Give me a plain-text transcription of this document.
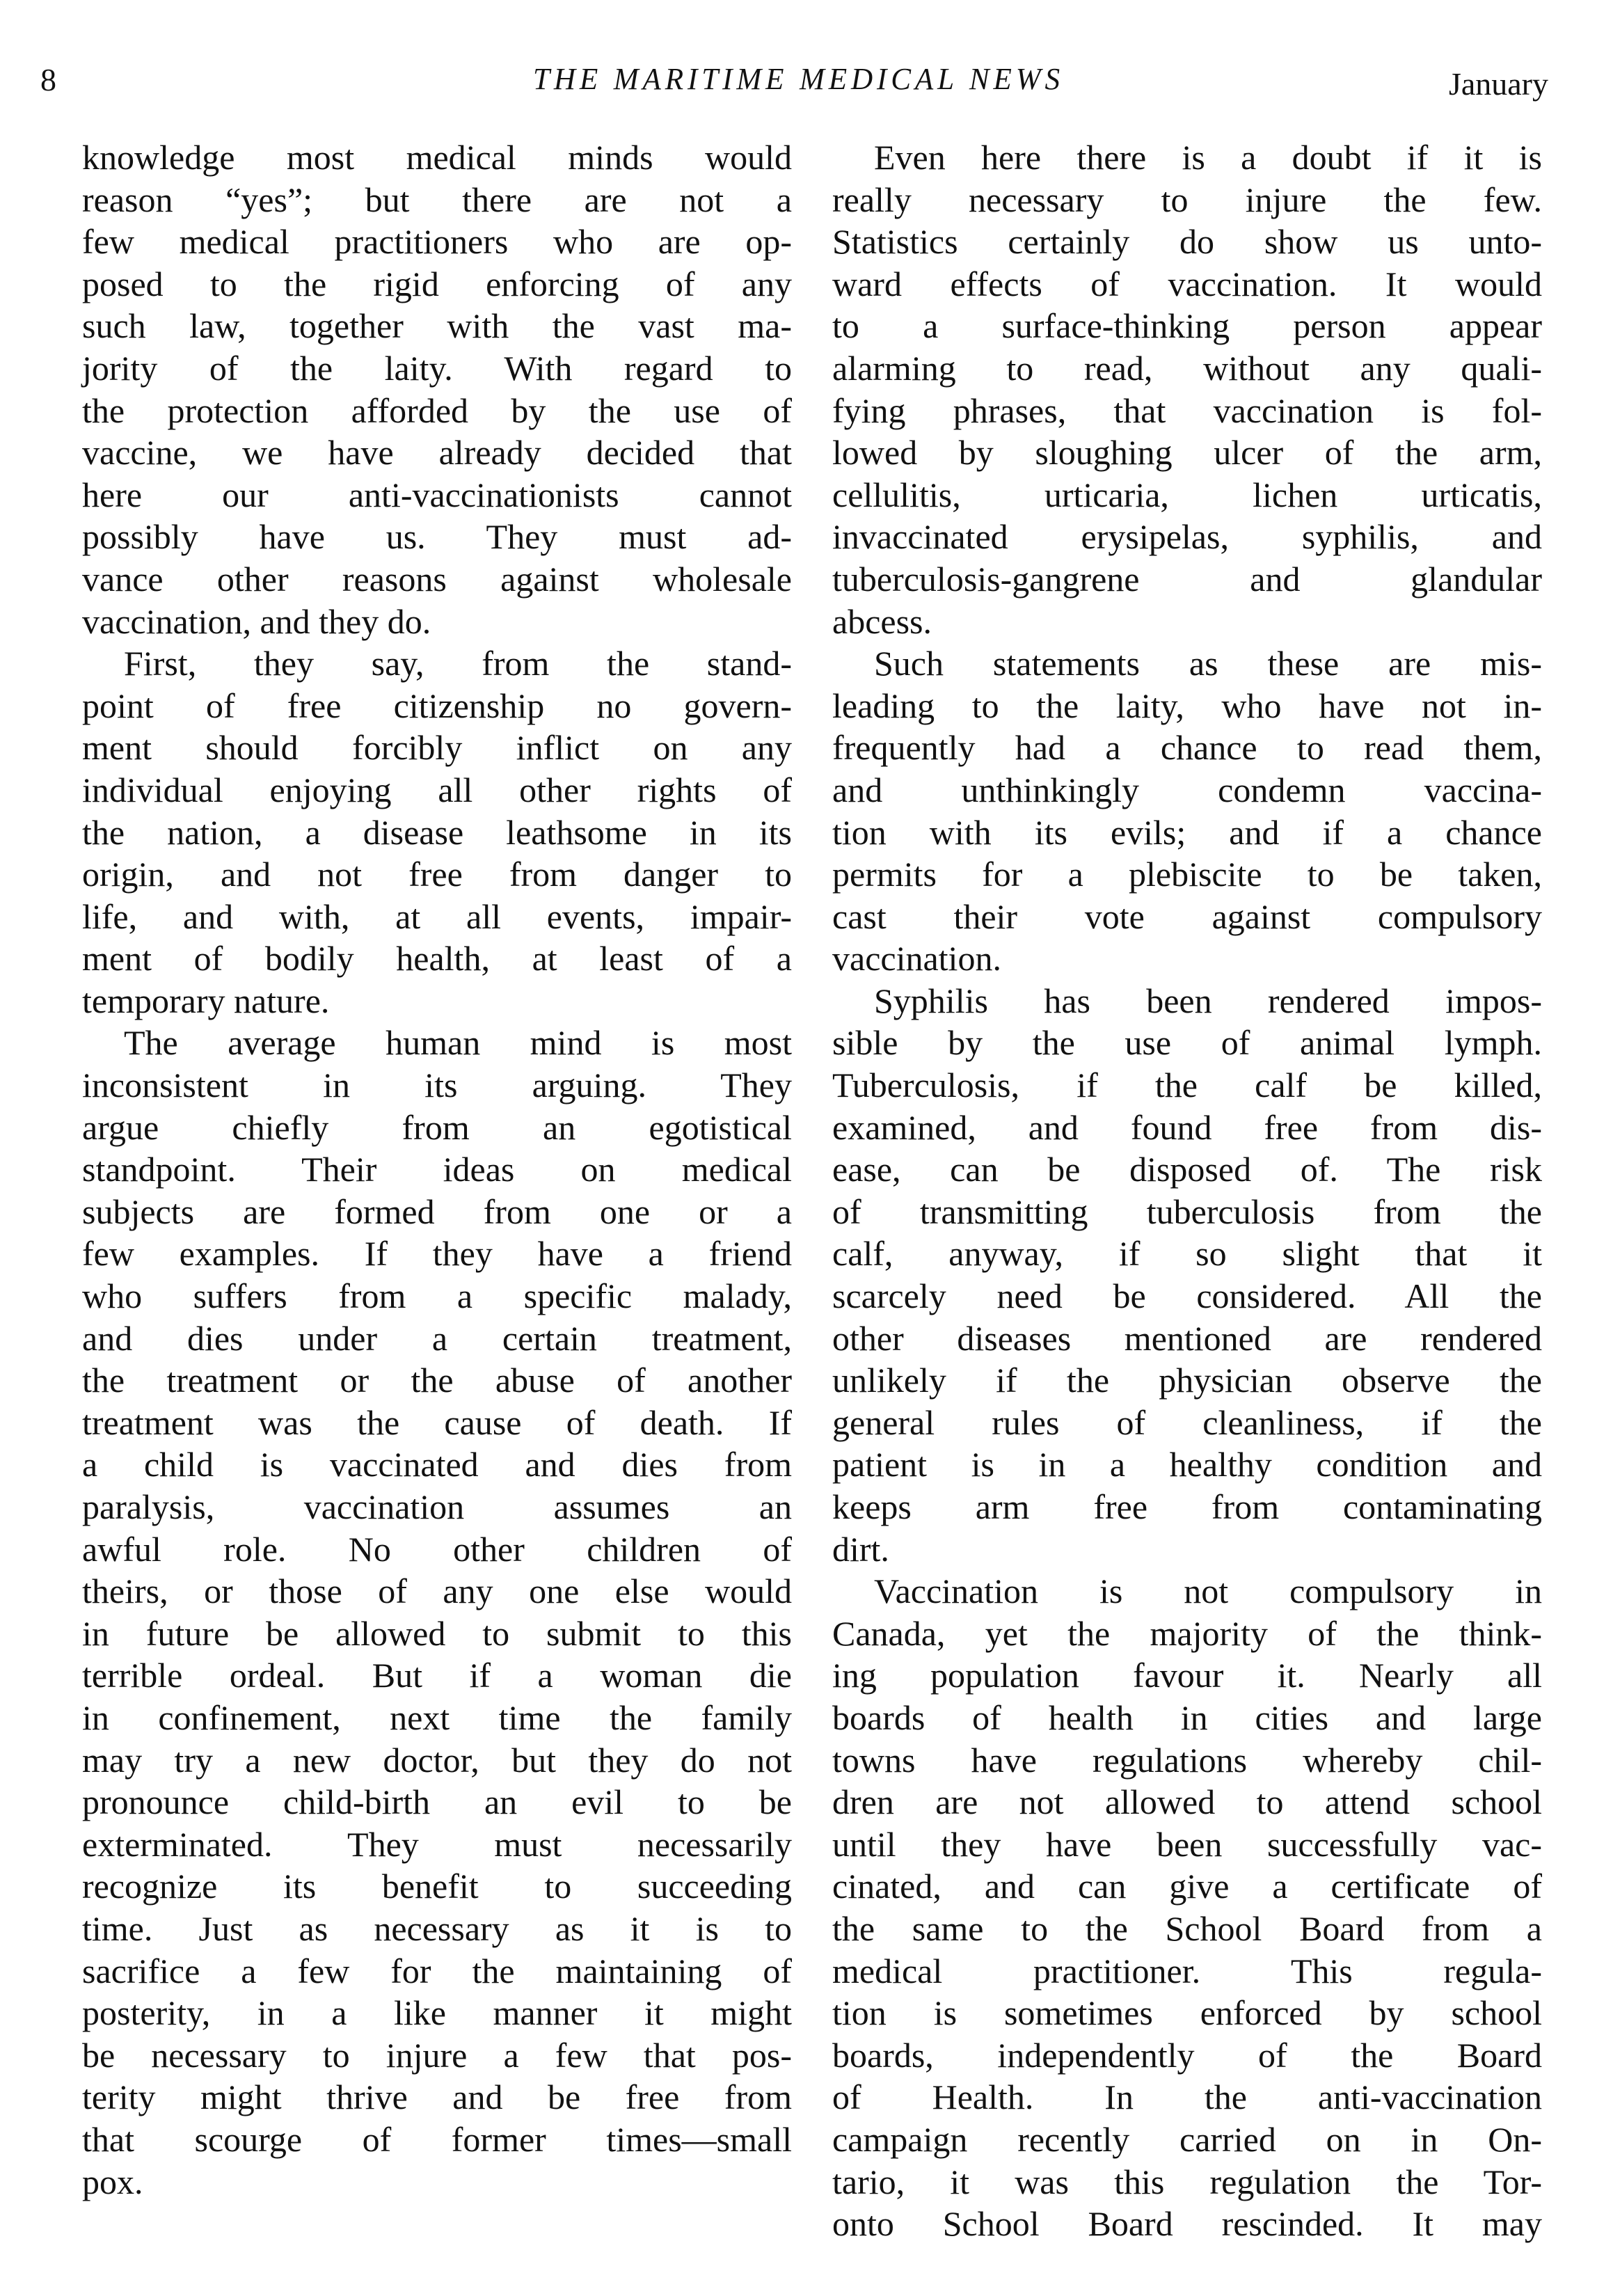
8	THE MARITIME MEDICAL NEWS	January
knowledge most medical minds would
reason “yes”; but there are not a
few medical practitioners who are op-
posed to the rigid enforcing of any
such law, together with the vast ma-
jority of the laity. With regard to
the protection afforded by the use of
vaccine, we have already decided that
here our anti-vaccinationists cannot
possibly have us. They must ad-
vance other reasons against wholesale
vaccination, and they do.
First, they say, from the stand-
point of free citizenship no govern-
ment should forcibly inflict on any
individual enjoying all other rights of
the nation, a disease leathsome in its
origin, and not free from danger to
life, and with, at all events, impair-
ment of bodily health, at least of a
temporary nature.
The average human mind is most
inconsistent in its arguing. They
argue chiefly from an egotistical
standpoint. Their ideas on medical
subjects are formed from one or a
few examples. If they have a friend
who suffers from a specific malady,
and dies under a certain treatment,
the treatment or the abuse of another
treatment was the cause of death. If
a child is vaccinated and dies from
paralysis, vaccination assumes an
awful role. No other children of
theirs, or those of any one else would
in future be allowed to submit to this
terrible ordeal. But if a woman die
in confinement, next time the family
may try a new doctor, but they do not
pronounce child-birth an evil to be
exterminated. They must necessarily
recognize its benefit to succeeding
time. Just as necessary as it is to
sacrifice a few for the maintaining of
posterity, in a like manner it might
be necessary to injure a few that pos-
terity might thrive and be free from
that scourge of former times—small
pox.
Even here there is a doubt if it is
really necessary to injure the few.
Statistics certainly do show us unto-
ward effects of vaccination. It would
to a surface-thinking person appear
alarming to read, without any quali-
fying phrases, that vaccination is fol-
lowed by sloughing ulcer of the arm,
cellulitis, urticaria, lichen urticatis,
invaccinated erysipelas, syphilis, and
tuberculosis-gangrene and glandular
abcess.
Such statements as these are mis-
leading to the laity, who have not in-
frequently had a chance to read them,
and unthinkingly condemn vaccina-
tion with its evils; and if a chance
permits for a plebiscite to be taken,
cast their vote against compulsory
vaccination.
Syphilis has been rendered impos-
sible by the use of animal lymph.
Tuberculosis, if the calf be killed,
examined, and found free from dis-
ease, can be disposed of. The risk
of transmitting tuberculosis from the
calf, anyway, if so slight that it
scarcely need be considered. All the
other diseases mentioned are rendered
unlikely if the physician observe the
general rules of cleanliness, if the
patient is in a healthy condition and
keeps arm free from contaminating
dirt.
Vaccination is not compulsory in
Canada, yet the majority of the think-
ing population favour it. Nearly all
boards of health in cities and large
towns have regulations whereby chil-
dren are not allowed to attend school
until they have been successfully vac-
cinated, and can give a certificate of
the same to the School Board from a
medical practitioner. This regula-
tion is sometimes enforced by school
boards, independently of the Board
of Health. In the anti-vaccination
campaign recently carried on in On-
tario, it was this regulation the Tor-
onto School Board rescinded. It may
